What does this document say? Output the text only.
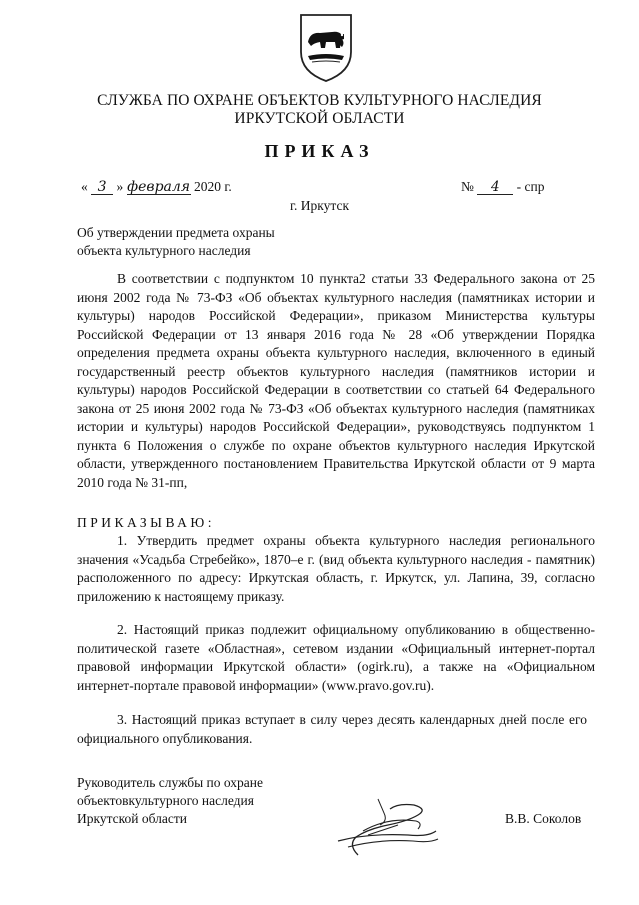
СЛУЖБА ПО ОХРАНЕ ОБЪЕКТОВ КУЛЬТУРНОГО НАСЛЕДИЯ
ИРКУТСКОЙ ОБЛАСТИ
ПРИКАЗ
« 3 » февраля 2020 г.	№ 4 - спр
г. Иркутск
Об утверждении предмета охраны
объекта культурного наследия
В соответствии с подпунктом 10 пункта2 статьи 33 Федерального закона от 25 июня 2002 года № 73-ФЗ «Об объектах культурного наследия (памятниках истории и культуры) народов Российской Федерации», приказом Министерства культуры Российской Федерации от 13 января 2016 года № 28 «Об утверждении Порядка определения предмета охраны объекта культурного наследия, включенного в единый государственный реестр объектов культурного наследия (памятников истории и культуры) народов Российской Федерации в соответствии со статьей 64 Федерального закона от 25 июня 2002 года № 73-ФЗ «Об объектах культурного наследия (памятниках истории и культуры) народов Российской Федерации», руководствуясь подпунктом 1 пункта 6 Положения о службе по охране объектов культурного наследия Иркутской области, утвержденного постановлением Правительства Иркутской области от 9 марта 2010 года № 31-пп,
ПРИКАЗЫВАЮ:
1. Утвердить предмет охраны объекта культурного наследия регионального значения «Усадьба Стребейко», 1870–е г. (вид объекта культурного наследия - памятник) расположенного по адресу: Иркутская область, г. Иркутск, ул. Лапина, 39, согласно приложению к настоящему приказу.
2. Настоящий приказ подлежит официальному опубликованию в общественно-политической газете «Областная», сетевом издании «Официальный интернет-портал правовой информации Иркутской области» (ogirk.ru), а также на «Официальном интернет-портале правовой информации» (www.pravo.gov.ru).
3. Настоящий приказ вступает в силу через десять календарных дней после его официального опубликования.
Руководитель службы по охране
объектовкультурного наследия
Иркутской области	В.В. Соколов
